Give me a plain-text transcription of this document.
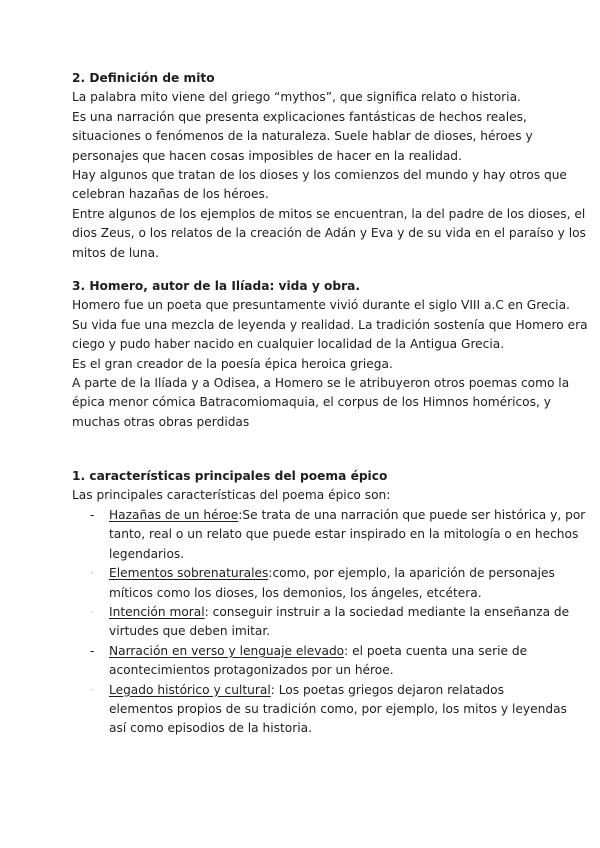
2. Definición de mito
La palabra mito viene del griego “mythos”, que significa relato o historia.
Es una narración que presenta explicaciones fantásticas de hechos reales,
situaciones o fenómenos de la naturaleza. Suele hablar de dioses, héroes y
personajes que hacen cosas imposibles de hacer en la realidad.
Hay algunos que tratan de los dioses y los comienzos del mundo y hay otros que
celebran hazañas de los héroes.
Entre algunos de los ejemplos de mitos se encuentran, la del padre de los dioses, el
dios Zeus, o los relatos de la creación de Adán y Eva y de su vida en el paraíso y los
mitos de luna.
3. Homero, autor de la Ilíada: vida y obra.
Homero fue un poeta que presuntamente vivió durante el siglo VIII a.C en Grecia.
Su vida fue una mezcla de leyenda y realidad. La tradición sostenía que Homero era
ciego y pudo haber nacido en cualquier localidad de la Antigua Grecia.
Es el gran creador de la poesía épica heroica griega.
A parte de la Ilíada y a Odisea, a Homero se le atribuyeron otros poemas como la
épica menor cómica Batracomiomaquia, el corpus de los Himnos homéricos, y
muchas otras obras perdidas
1. características principales del poema épico
Las principales características del poema épico son:
- Hazañas de un héroe:Se trata de una narración que puede ser histórica y, por
tanto, real o un relato que puede estar inspirado en la mitología o en hechos
legendarios.
- Elementos sobrenaturales:como, por ejemplo, la aparición de personajes
míticos como los dioses, los demonios, los ángeles, etcétera.
- Intención moral: conseguir instruir a la sociedad mediante la enseñanza de
virtudes que deben imitar.
- Narración en verso y lenguaje elevado: el poeta cuenta una serie de
acontecimientos protagonizados por un héroe.
- Legado histórico y cultural: Los poetas griegos dejaron relatados
elementos propios de su tradición como, por ejemplo, los mitos y leyendas
así como episodios de la historia.
